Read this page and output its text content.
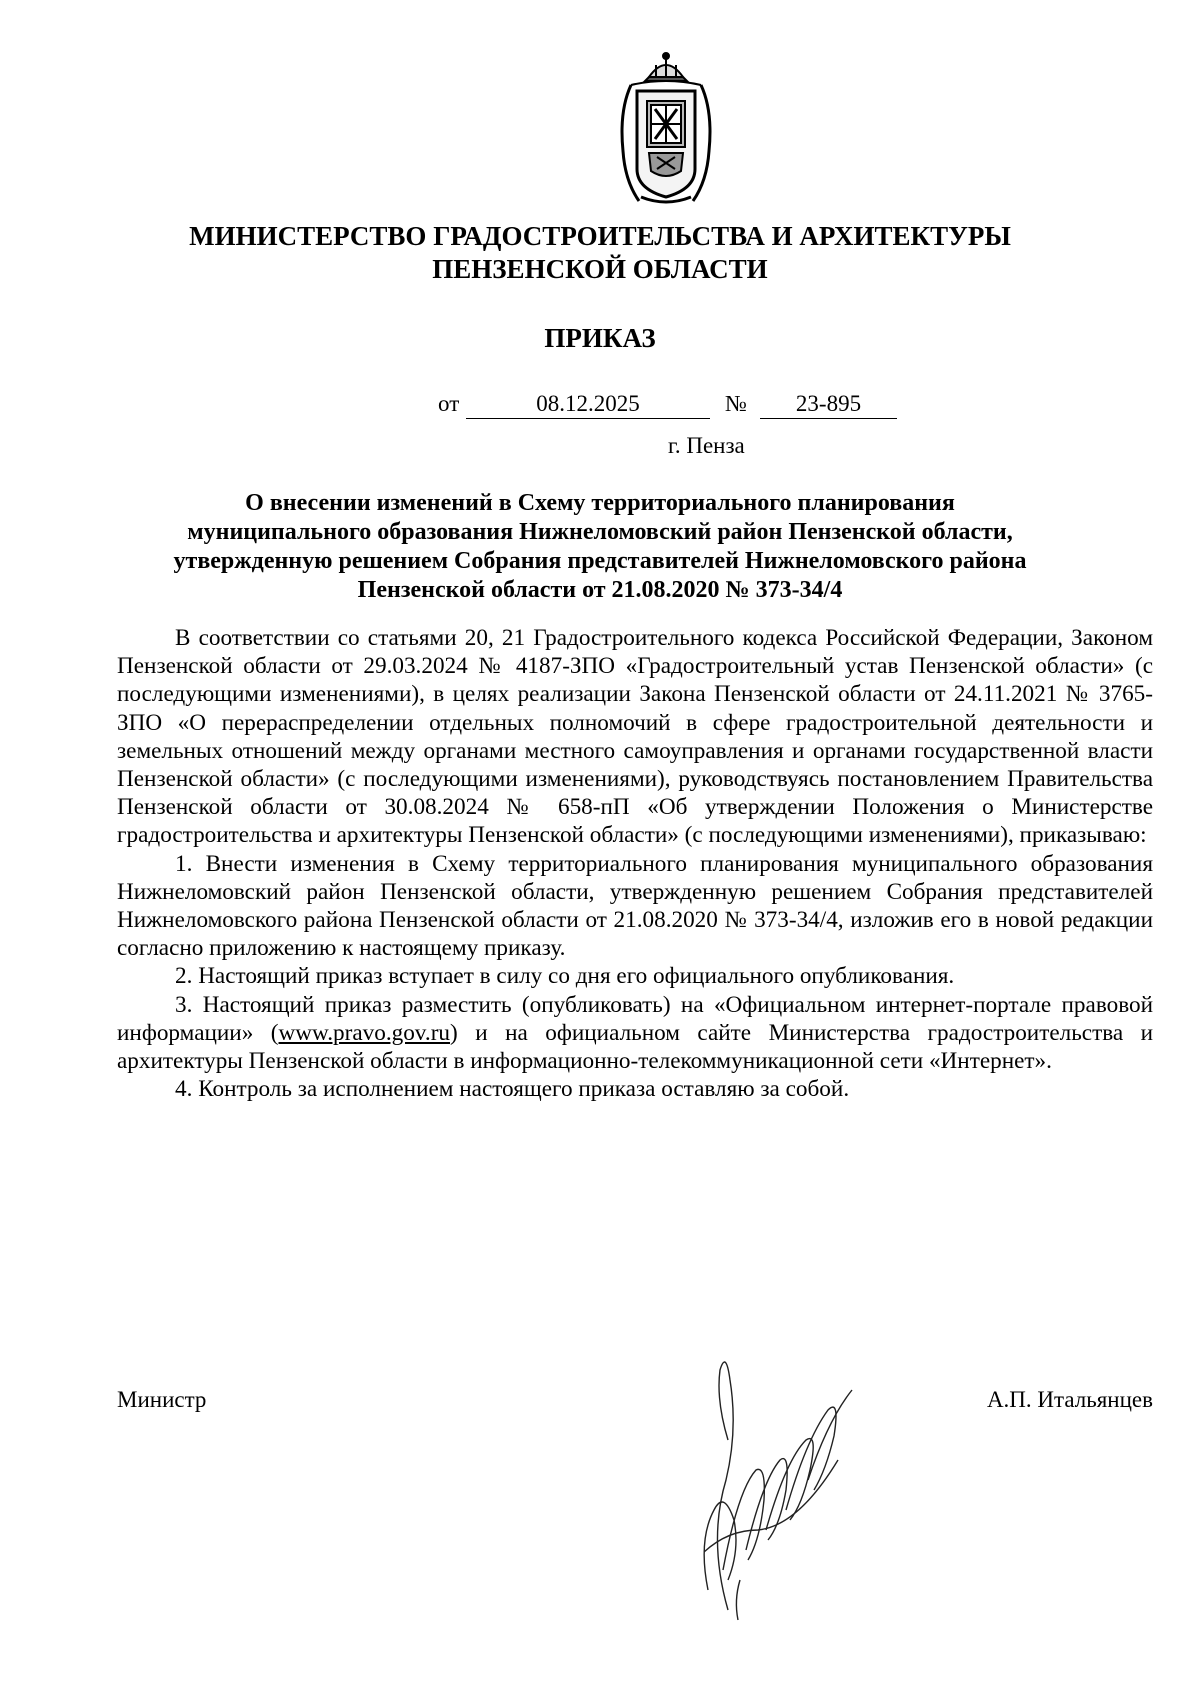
МИНИСТЕРСТВО ГРАДОСТРОИТЕЛЬСТВА И АРХИТЕКТУРЫ
ПЕНЗЕНСКОЙ ОБЛАСТИ
ПРИКАЗ
от	08.12.2025	№	23-895
г. Пенза
О внесении изменений в Схему территориального планирования
муниципального образования Нижнеломовский район Пензенской области,
утвержденную решением Собрания представителей Нижнеломовского района
Пензенской области от 21.08.2020 № 373-34/4

В соответствии со статьями 20, 21 Градостроительного кодекса Российской Федерации, Законом Пензенской области от 29.03.2024 № 4187-ЗПО «Градостроительный устав Пензенской области» (с последующими изменениями), в целях реализации Закона Пензенской области от 24.11.2021 № 3765-ЗПО «О перераспределении отдельных полномочий в сфере градостроительной деятельности и земельных отношений между органами местного самоуправления и органами государственной власти Пензенской области» (с последующими изменениями), руководствуясь постановлением Правительства Пензенской области от 30.08.2024 № 658-пП «Об утверждении Положения о Министерстве градостроительства и архитектуры Пензенской области» (с последующими изменениями), приказываю:

1. Внести изменения в Схему территориального планирования муниципального образования Нижнеломовский район Пензенской области, утвержденную решением Собрания представителей Нижнеломовского района Пензенской области от 21.08.2020 № 373-34/4, изложив его в новой редакции согласно приложению к настоящему приказу.

2. Настоящий приказ вступает в силу со дня его официального опубликования.

3. Настоящий приказ разместить (опубликовать) на «Официальном интернет-портале правовой информации» (www.pravo.gov.ru) и на официальном сайте Министерства градостроительства и архитектуры Пензенской области в информационно-телекоммуникационной сети «Интернет».

4. Контроль за исполнением настоящего приказа оставляю за собой.

Министр	А.П. Итальянцев
